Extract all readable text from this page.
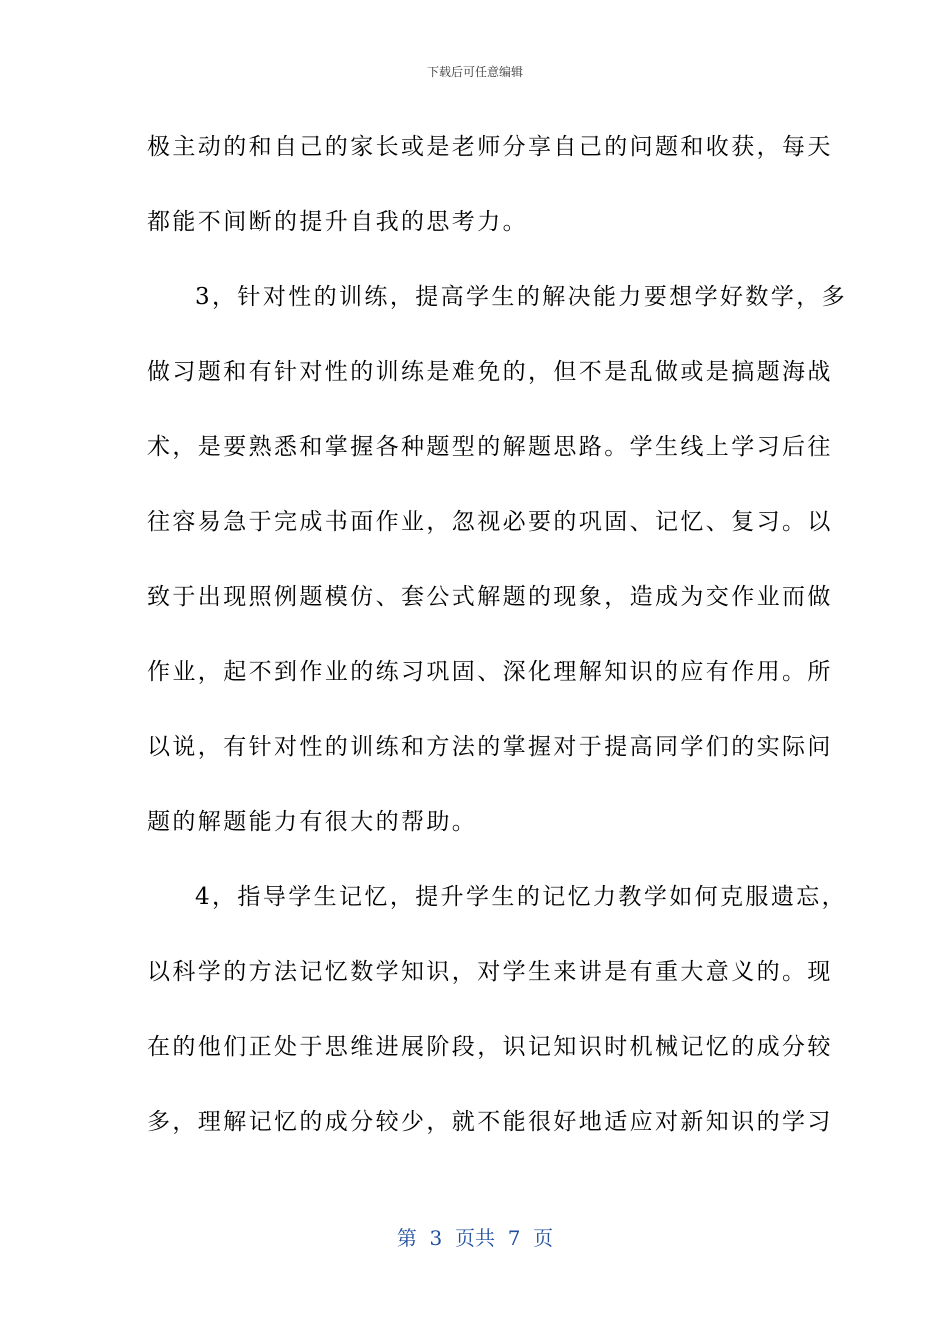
下载后可任意编辑
极主动的和自己的家长或是老师分享自己的问题和收获，每天
都能不间断的提升自我的思考力。
3，针对性的训练，提高学生的解决能力要想学好数学，多
做习题和有针对性的训练是难免的，但不是乱做或是搞题海战
术，是要熟悉和掌握各种题型的解题思路。学生线上学习后往
往容易急于完成书面作业，忽视必要的巩固、记忆、复习。以
致于出现照例题模仿、套公式解题的现象，造成为交作业而做
作业，起不到作业的练习巩固、深化理解知识的应有作用。所
以说，有针对性的训练和方法的掌握对于提高同学们的实际问
题的解题能力有很大的帮助。
4，指导学生记忆，提升学生的记忆力教学如何克服遗忘，
以科学的方法记忆数学知识，对学生来讲是有重大意义的。现
在的他们正处于思维进展阶段，识记知识时机械记忆的成分较
多，理解记忆的成分较少，就不能很好地适应对新知识的学习
第  3  页共  7  页
